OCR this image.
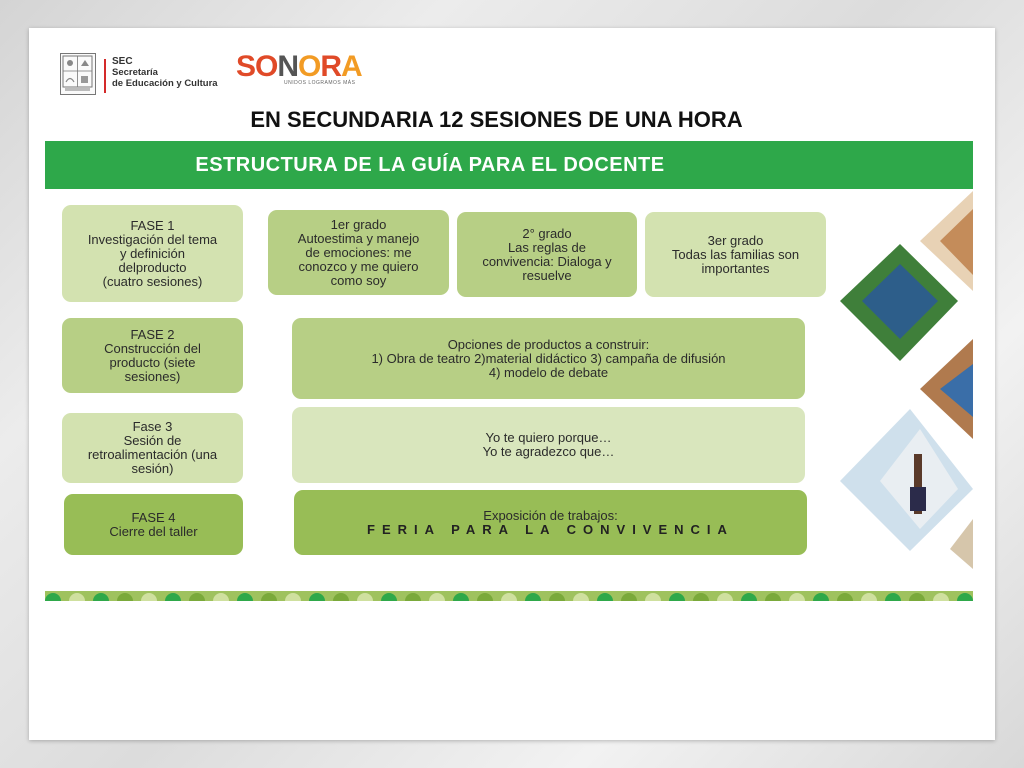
SEC
Secretaría
de Educación y Cultura
SONORA
UNIDOS LOGRAMOS MÁS
EN SECUNDARIA 12 SESIONES DE UNA HORA
ESTRUCTURA DE LA GUÍA PARA EL DOCENTE
FASE 1
Investigación del tema
y definición
delproducto
(cuatro sesiones)
FASE 2
Construcción del
producto (siete
sesiones)
Fase 3
Sesión de
retroalimentación (una
sesión)
FASE 4
Cierre del taller
1er grado
Autoestima y manejo
de emociones: me
conozco y me quiero
como soy
2° grado
Las reglas de
convivencia: Dialoga y
resuelve
3er grado
Todas las familias son
importantes
Opciones de productos a construir:
1) Obra de teatro 2)material didáctico 3) campaña de difusión
4) modelo de debate
Yo te quiero porque…
Yo te agradezco que…
Exposición de trabajos:
FERIA PARA LA CONVIVENCIA
